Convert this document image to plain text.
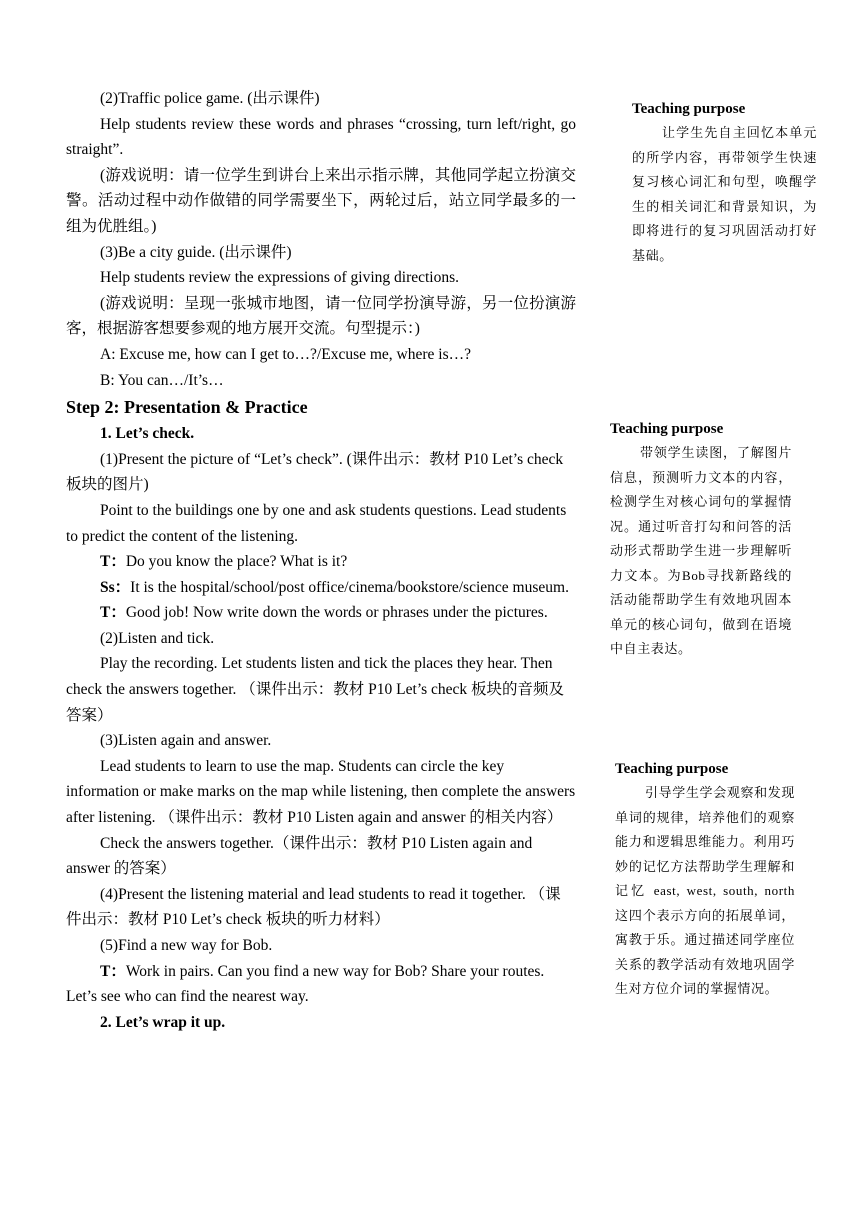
(2)Traffic police game. (出示课件)

Help students review these words and phrases “crossing, turn left/right, go straight”.

(游戏说明：请一位学生到讲台上来出示指示牌，其他同学起立扮演交警。活动过程中动作做错的同学需要坐下，两轮过后，站立同学最多的一组为优胜组。)

(3)Be a city guide. (出示课件)

Help students review the expressions of giving directions.

(游戏说明：呈现一张城市地图，请一位同学扮演导游，另一位扮演游客，根据游客想要参观的地方展开交流。句型提示：)

A: Excuse me, how can I get to…?/Excuse me, where is…?

B: You can…/It’s…

Step 2: Presentation & Practice

1. Let’s check.

(1)Present the picture of “Let’s check”. (课件出示：教材 P10 Let’s check 板块的图片)

Point to the buildings one by one and ask students questions. Lead students to predict the content of the listening.

T：Do you know the place? What is it?

Ss：It is the hospital/school/post office/cinema/bookstore/science museum.

T：Good job! Now write down the words or phrases under the pictures.

(2)Listen and tick.

Play the recording. Let students listen and tick the places they hear. Then check the answers together. （课件出示：教材 P10 Let’s check 板块的音频及答案）

(3)Listen again and answer.

Lead students to learn to use the map. Students can circle the key information or make marks on the map while listening, then complete the answers after listening. （课件出示：教材 P10 Listen again and answer 的相关内容）

Check the answers together.（课件出示：教材 P10 Listen again and answer 的答案）

(4)Present the listening material and lead students to read it together. （课件出示：教材 P10 Let’s check 板块的听力材料）

(5)Find a new way for Bob.

T：Work in pairs. Can you find a new way for Bob? Share your routes. Let’s see who can find the nearest way.

2. Let’s wrap it up.

Teaching purpose

让学生先自主回忆本单元的所学内容，再带领学生快速复习核心词汇和句型，唤醒学生的相关词汇和背景知识，为即将进行的复习巩固活动打好基础。

Teaching purpose

带领学生读图，了解图片信息，预测听力文本的内容，检测学生对核心词句的掌握情况。通过听音打勾和问答的活动形式帮助学生进一步理解听力文本。为Bob寻找新路线的活动能帮助学生有效地巩固本单元的核心词句，做到在语境中自主表达。

Teaching purpose

引导学生学会观察和发现单词的规律，培养他们的观察能力和逻辑思维能力。利用巧妙的记忆方法帮助学生理解和记忆 east, west, south, north 这四个表示方向的拓展单词，寓教于乐。通过描述同学座位关系的教学活动有效地巩固学生对方位介词的掌握情况。
